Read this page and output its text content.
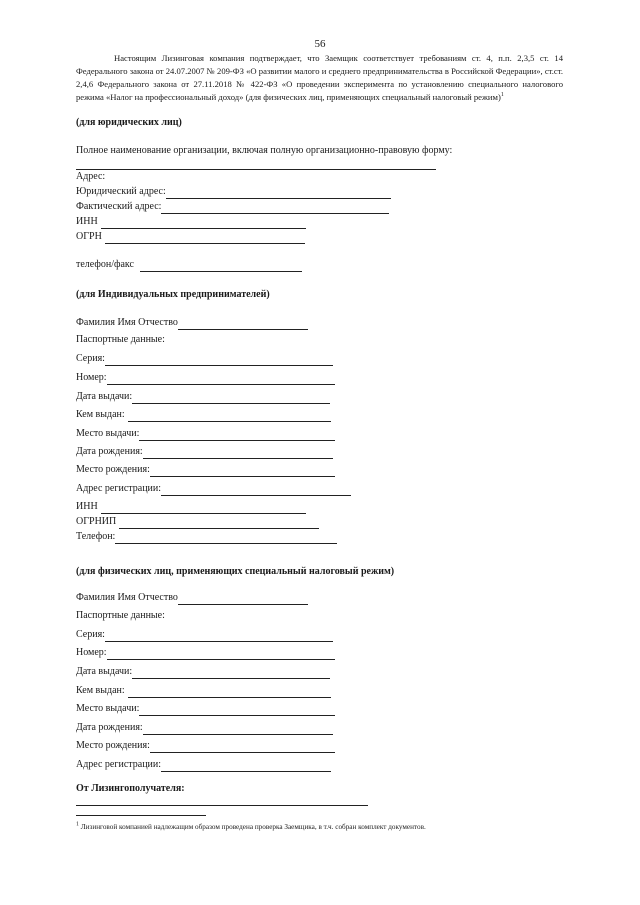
56
Настоящим Лизинговая компания подтверждает, что Заемщик соответствует требованиям ст. 4, п.п. 2,3,5 ст. 14 Федерального закона от 24.07.2007 № 209-ФЗ «О развитии малого и среднего предпринимательства в Российской Федерации», ст.ст. 2,4,6 Федерального закона от 27.11.2018 № 422-ФЗ «О проведении эксперимента по установлению специального налогового режима «Налог на профессиональный доход» (для физических лиц, применяющих специальный налоговый режим)$^1$
(для юридических лиц)
Полное наименование организации, включая полную организационно-правовую форму:
Адрес:
Юридический адрес:
Фактический адрес:
ИНН
ОГРН
телефон/факс
(для Индивидуальных предпринимателей)
Фамилия Имя Отчество
Паспортные данные:
Серия:
Номер:
Дата выдачи:
Кем выдан:
Место выдачи:
Дата рождения:
Место рождения:
Адрес регистрации:
ИНН
ОГРНИП
Телефон:
(для физических лиц, применяющих специальный налоговый режим)
Фамилия Имя Отчество
Паспортные данные:
Серия:
Номер:
Дата выдачи:
Кем выдан:
Место выдачи:
Дата рождения:
Место рождения:
Адрес регистрации:
От Лизингополучателя:
$^1$ Лизинговой компанией надлежащим образом проведена проверка Заемщика, в т.ч. собран комплект документов.
